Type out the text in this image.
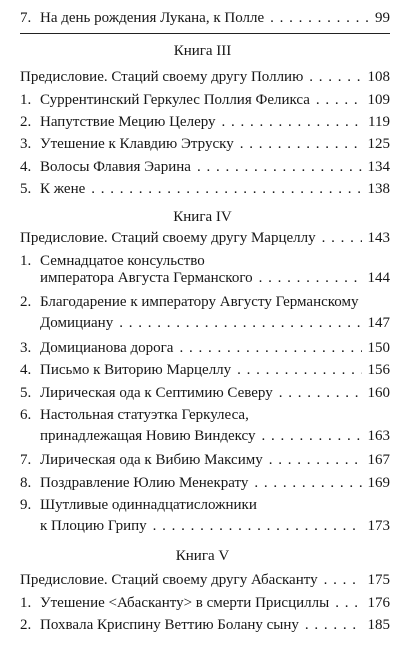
7. На день рождения Лукана, к Полле . . .	99
Книга III
Предисловие. Стаций своему другу Поллию . . .	108
1. Суррентинский Геркулес Поллия Феликса . . .	109
2. Напутствие Мецию Целеру . . .	119
3. Утешение к Клавдию Этруску . . .	125
4. Волосы Флавия Эарина . . .	134
5. К жене . . .	138
Книга IV
Предисловие. Стаций своему другу Марцеллу . . .	143
1. Семнадцатое консульство
императора Августа Германского . . .	144
2. Благодарение к императору Августу Германскому
Домициану . . .	147
3. Домицианова дорога . . .	150
4. Письмо к Виторию Марцеллу . . .	156
5. Лирическая ода к Септимию Северу . . .	160
6. Настольная статуэтка Геркулеса,
принадлежащая Новию Виндексу . . .	163
7. Лирическая ода к Вибию Максиму . . .	167
8. Поздравление Юлию Менекрату . . .	169
9. Шутливые одиннадцатисложники
к Плоцию Грипу . . .	173
Книга V
Предисловие. Стаций своему другу Абасканту . . .	175
1. Утешение <Абасканту> в смерти Присциллы . . .	176
2. Похвала Криспину Веттию Болану сыну . . .	185
